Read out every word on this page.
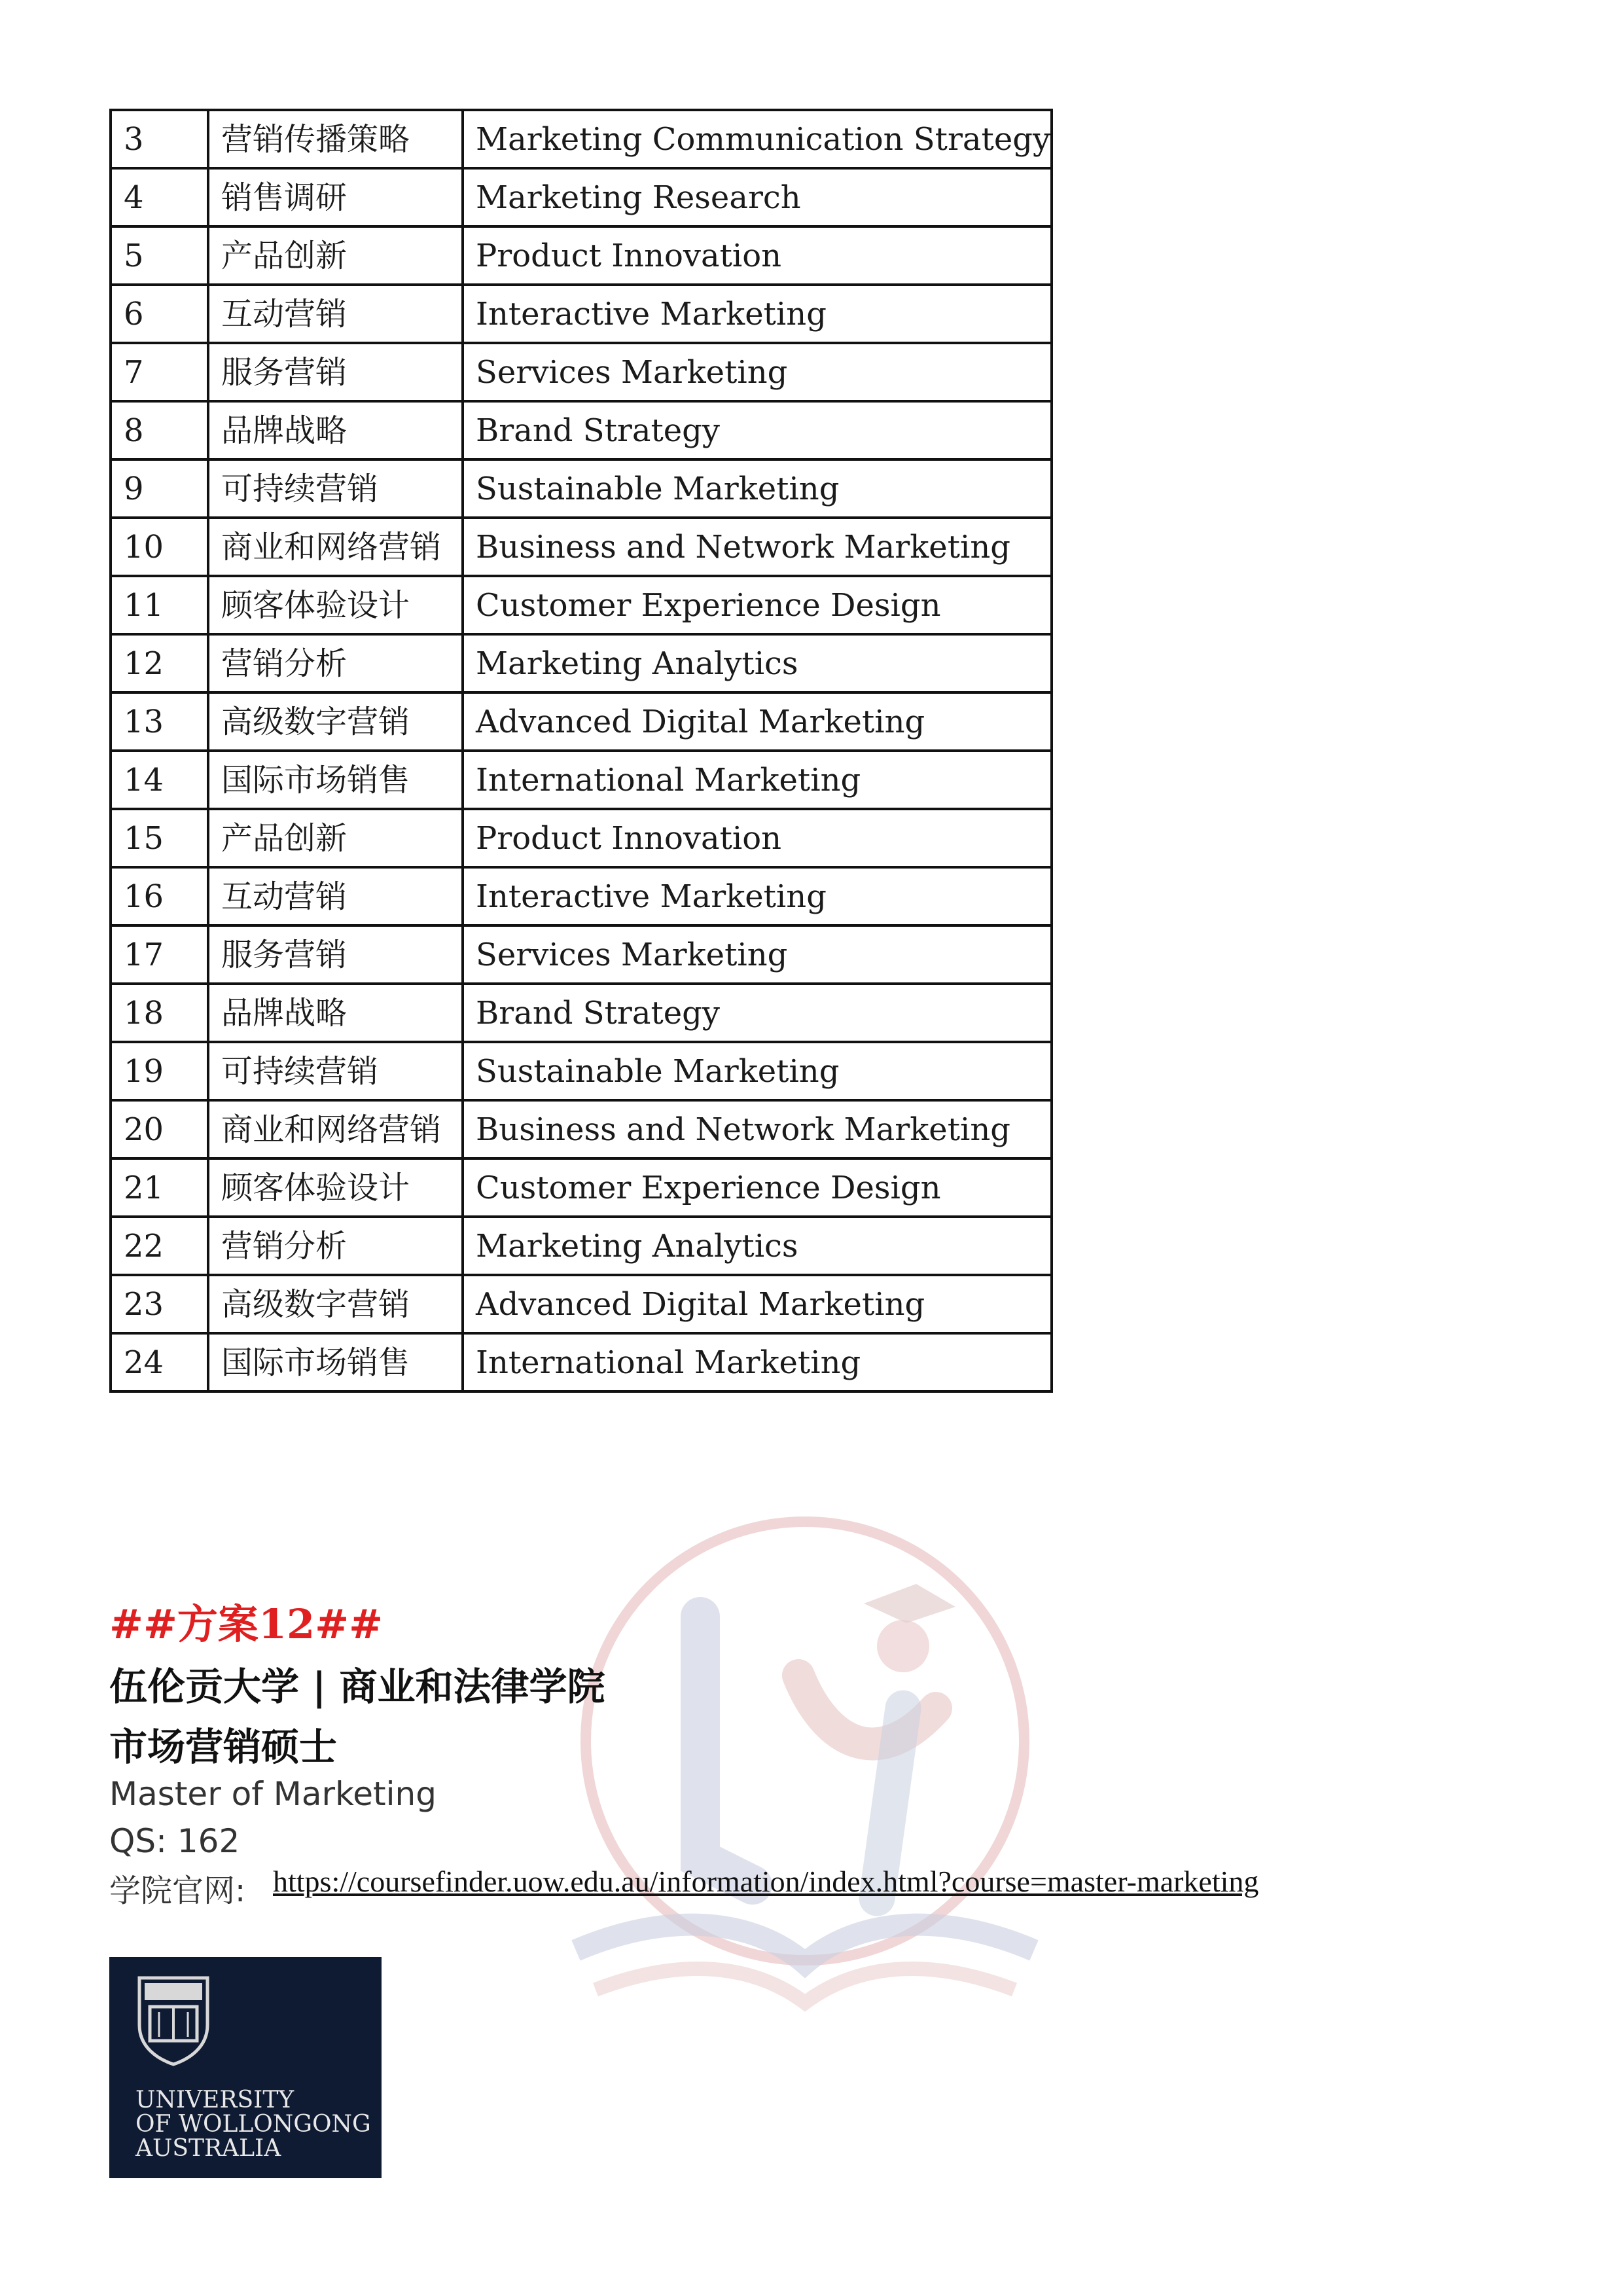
3	营销传播策略	Marketing Communication Strategy
4	销售调研	Marketing Research
5	产品创新	Product Innovation
6	互动营销	Interactive Marketing
7	服务营销	Services Marketing
8	品牌战略	Brand Strategy
9	可持续营销	Sustainable Marketing
10	商业和网络营销	Business and Network Marketing
11	顾客体验设计	Customer Experience Design
12	营销分析	Marketing Analytics
13	高级数字营销	Advanced Digital Marketing
14	国际市场销售	International Marketing
15	产品创新	Product Innovation
16	互动营销	Interactive Marketing
17	服务营销	Services Marketing
18	品牌战略	Brand Strategy
19	可持续营销	Sustainable Marketing
20	商业和网络营销	Business and Network Marketing
21	顾客体验设计	Customer Experience Design
22	营销分析	Marketing Analytics
23	高级数字营销	Advanced Digital Marketing
24	国际市场销售	International Marketing
##方案12##
伍伦贡大学 | 商业和法律学院
市场营销硕士
Master of Marketing
QS: 162
学院官网: https://coursefinder.uow.edu.au/information/index.html?course=master-marketing
UNIVERSITY
OF WOLLONGONG
AUSTRALIA
